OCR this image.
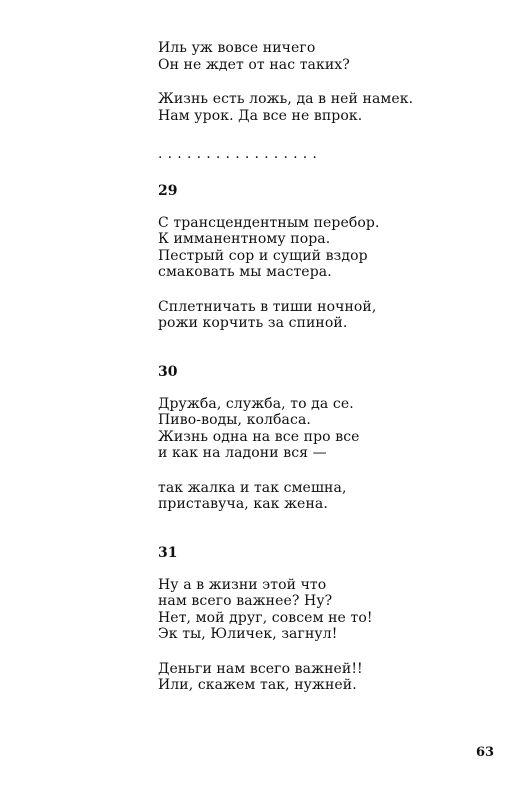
Иль уж вовсе ничего
Он не ждет от нас таких?
Жизнь есть ложь, да в ней намек.
Нам урок. Да все не впрок.
.................
29
С трансцендентным перебор.
К имманентному пора.
Пестрый сор и сущий вздор
смаковать мы мастера.
Сплетничать в тиши ночной,
рожи корчить за спиной.
30
Дружба, служба, то да се.
Пиво-воды, колбаса.
Жизнь одна на все про все
и как на ладони вся —
так жалка и так смешна,
приставуча, как жена.
31
Ну а в жизни этой что
нам всего важнее? Ну?
Нет, мой друг, совсем не то!
Эк ты, Юличек, загнул!
Деньги нам всего важней!!
Или, скажем так, нужней.
63
